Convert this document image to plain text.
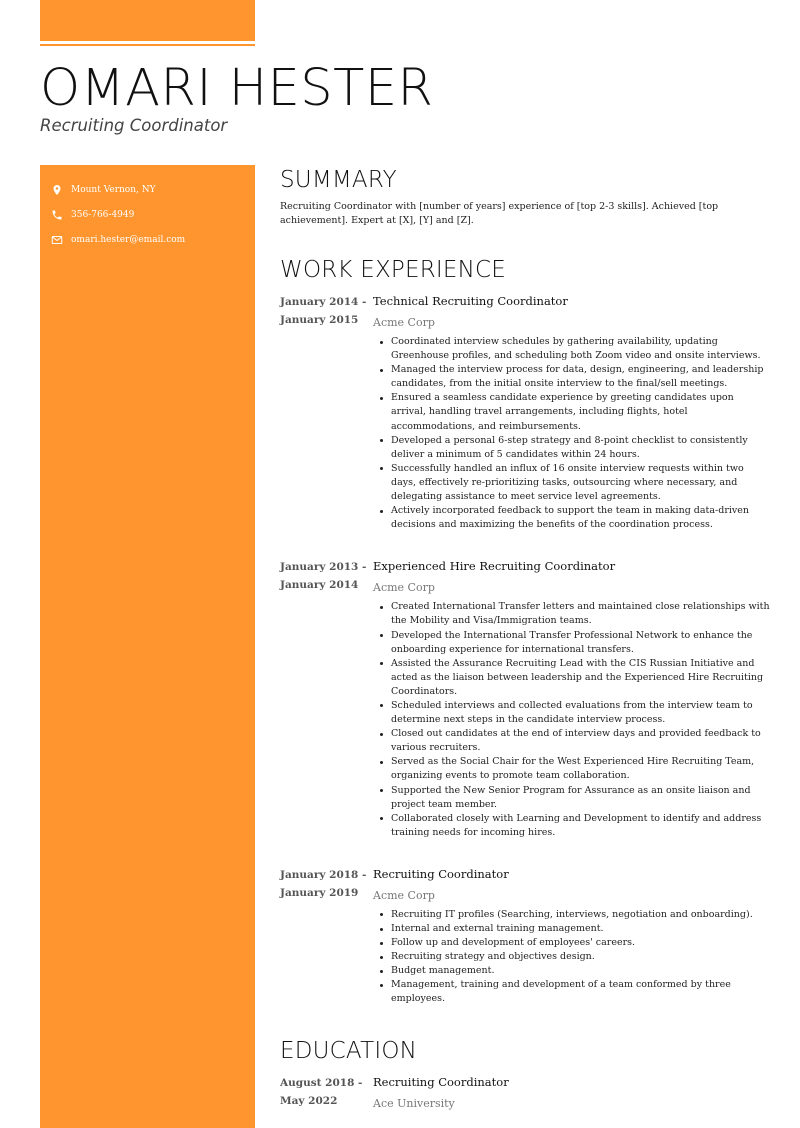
OMARI HESTER
Recruiting Coordinator
Mount Vernon, NY
356-766-4949
omari.hester@email.com
SUMMARY

Recruiting Coordinator with [number of years] experience of [top 2-3 skills]. Achieved [top achievement]. Expert at [X], [Y] and [Z].

WORK EXPERIENCE
January 2014 -
January 2015
Technical Recruiting Coordinator
Acme Corp
Coordinated interview schedules by gathering availability, updating Greenhouse profiles, and scheduling both Zoom video and onsite interviews.
Managed the interview process for data, design, engineering, and leadership candidates, from the initial onsite interview to the final/sell meetings.
Ensured a seamless candidate experience by greeting candidates upon arrival, handling travel arrangements, including flights, hotel accommodations, and reimbursements.
Developed a personal 6-step strategy and 8-point checklist to consistently deliver a minimum of 5 candidates within 24 hours.
Successfully handled an influx of 16 onsite interview requests within two days, effectively re-prioritizing tasks, outsourcing where necessary, and delegating assistance to meet service level agreements.
Actively incorporated feedback to support the team in making data-driven decisions and maximizing the benefits of the coordination process.
January 2013 -
January 2014
Experienced Hire Recruiting Coordinator
Acme Corp
Created International Transfer letters and maintained close relationships with the Mobility and Visa/Immigration teams.
Developed the International Transfer Professional Network to enhance the onboarding experience for international transfers.
Assisted the Assurance Recruiting Lead with the CIS Russian Initiative and acted as the liaison between leadership and the Experienced Hire Recruiting Coordinators.
Scheduled interviews and collected evaluations from the interview team to determine next steps in the candidate interview process.
Closed out candidates at the end of interview days and provided feedback to various recruiters.
Served as the Social Chair for the West Experienced Hire Recruiting Team, organizing events to promote team collaboration.
Supported the New Senior Program for Assurance as an onsite liaison and project team member.
Collaborated closely with Learning and Development to identify and address training needs for incoming hires.
January 2018 -
January 2019
Recruiting Coordinator
Acme Corp
Recruiting IT profiles (Searching, interviews, negotiation and onboarding).
Internal and external training management.
Follow up and development of employees' careers.
Recruiting strategy and objectives design.
Budget management.
Management, training and development of a team conformed by three employees.
EDUCATION
August 2018 -
May 2022
Recruiting Coordinator
Ace University
